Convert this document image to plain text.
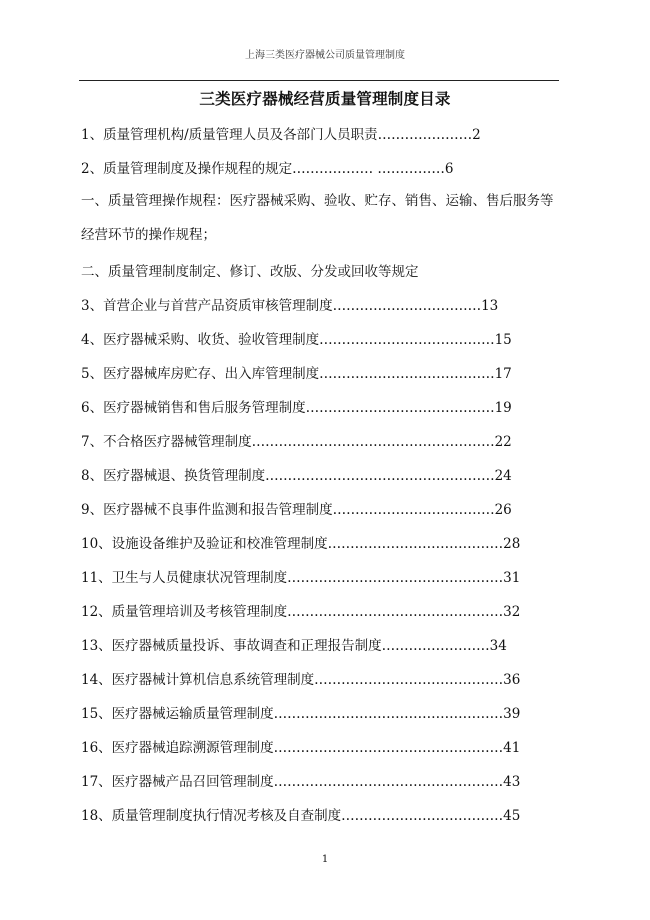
上海三类医疗器械公司质量管理制度
三类医疗器械经营质量管理制度目录
1、质量管理机构/质量管理人员及各部门人员职责…………………2
2、质量管理制度及操作规程的规定……………… ……………6
一、质量管理操作规程：医疗器械采购、验收、贮存、销售、运输、售后服务等经营环节的操作规程；
二、质量管理制度制定、修订、改版、分发或回收等规定
3、首营企业与首营产品资质审核管理制度……………………………13
4、医疗器械采购、收货、验收管理制度…………………………………15
5、医疗器械库房贮存、出入库管理制度…………………………………17
6、医疗器械销售和售后服务管理制度……………………………………19
7、不合格医疗器械管理制度………………………………………………22
8、医疗器械退、换货管理制度……………………………………………24
9、医疗器械不良事件监测和报告管理制度………………………………26
10、设施设备维护及验证和校准管理制度…………………………………28
11、卫生与人员健康状况管理制度…………………………………………31
12、质量管理培训及考核管理制度…………………………………………32
13、医疗器械质量投诉、事故调查和正理报告制度……………………34
14、医疗器械计算机信息系统管理制度……………………………………36
15、医疗器械运输质量管理制度……………………………………………39
16、医疗器械追踪溯源管理制度……………………………………………41
17、医疗器械产品召回管理制度……………………………………………43
18、质量管理制度执行情况考核及自查制度………………………………45
1
